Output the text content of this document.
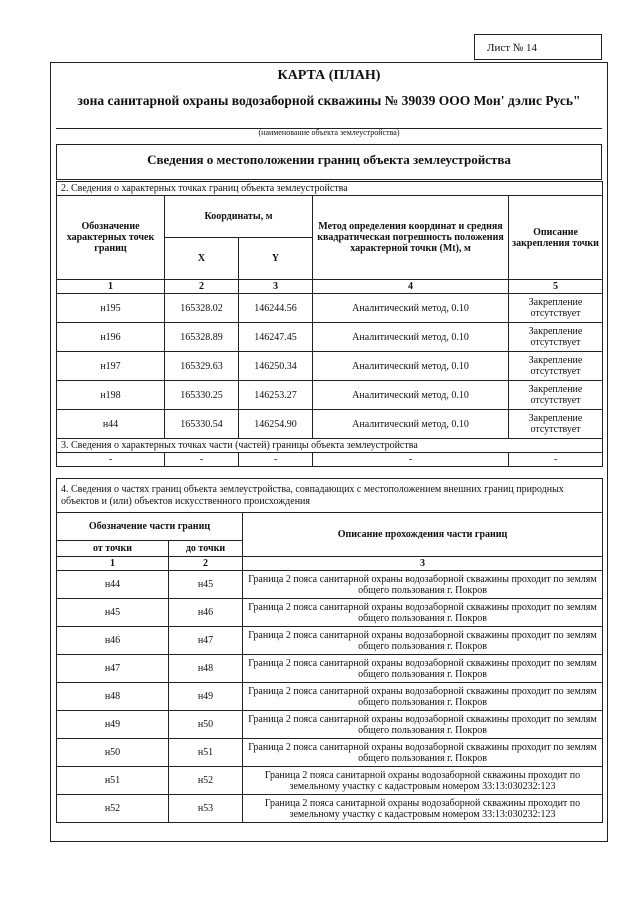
Лист № 14
КАРТА (ПЛАН)
зона санитарной охраны водозаборной скважины № 39039 ООО Мон' дэлис Русь"
(наименование объекта землеустройства)
Сведения о местоположении границ объекта землеустройства
2. Сведения о характерных точках границ объекта землеустройства				
Обозначение характерных точек границ	Координаты, м		Метод определения координат и средняя квадратическая погрешность положения характерной точки (Mt), м	Описание закрепления точки
	X	Y		
1	2	3	4	5
н195	165328.02	146244.56	Аналитический метод, 0.10	Закрепление отсутствует
н196	165328.89	146247.45	Аналитический метод, 0.10	Закрепление отсутствует
н197	165329.63	146250.34	Аналитический метод, 0.10	Закрепление отсутствует
н198	165330.25	146253.27	Аналитический метод, 0.10	Закрепление отсутствует
н44	165330.54	146254.90	Аналитический метод, 0.10	Закрепление отсутствует
3. Сведения о характерных точках части (частей) границы объекта землеустройства				
-	-	-	-	-
4. Сведения о частях границ объекта землеустройства, совпадающих с местоположением внешних границ природных объектов и (или) объектов искусственного происхождения		
Обозначение части границ		Описание прохождения части границ
от точки	до точки	
1	2	3
н44	н45	Граница 2 пояса санитарной охраны водозаборной скважины проходит по землям общего пользования г. Покров
н45	н46	Граница 2 пояса санитарной охраны водозаборной скважины проходит по землям общего пользования г. Покров
н46	н47	Граница 2 пояса санитарной охраны водозаборной скважины проходит по землям общего пользования г. Покров
н47	н48	Граница 2 пояса санитарной охраны водозаборной скважины проходит по землям общего пользования г. Покров
н48	н49	Граница 2 пояса санитарной охраны водозаборной скважины проходит по землям общего пользования г. Покров
н49	н50	Граница 2 пояса санитарной охраны водозаборной скважины проходит по землям общего пользования г. Покров
н50	н51	Граница 2 пояса санитарной охраны водозаборной скважины проходит по землям общего пользования г. Покров
н51	н52	Граница 2 пояса санитарной охраны водозаборной скважины проходит по земельному участку с кадастровым номером 33:13:030232:123
н52	н53	Граница 2 пояса санитарной охраны водозаборной скважины проходит по земельному участку с кадастровым номером 33:13:030232:123
